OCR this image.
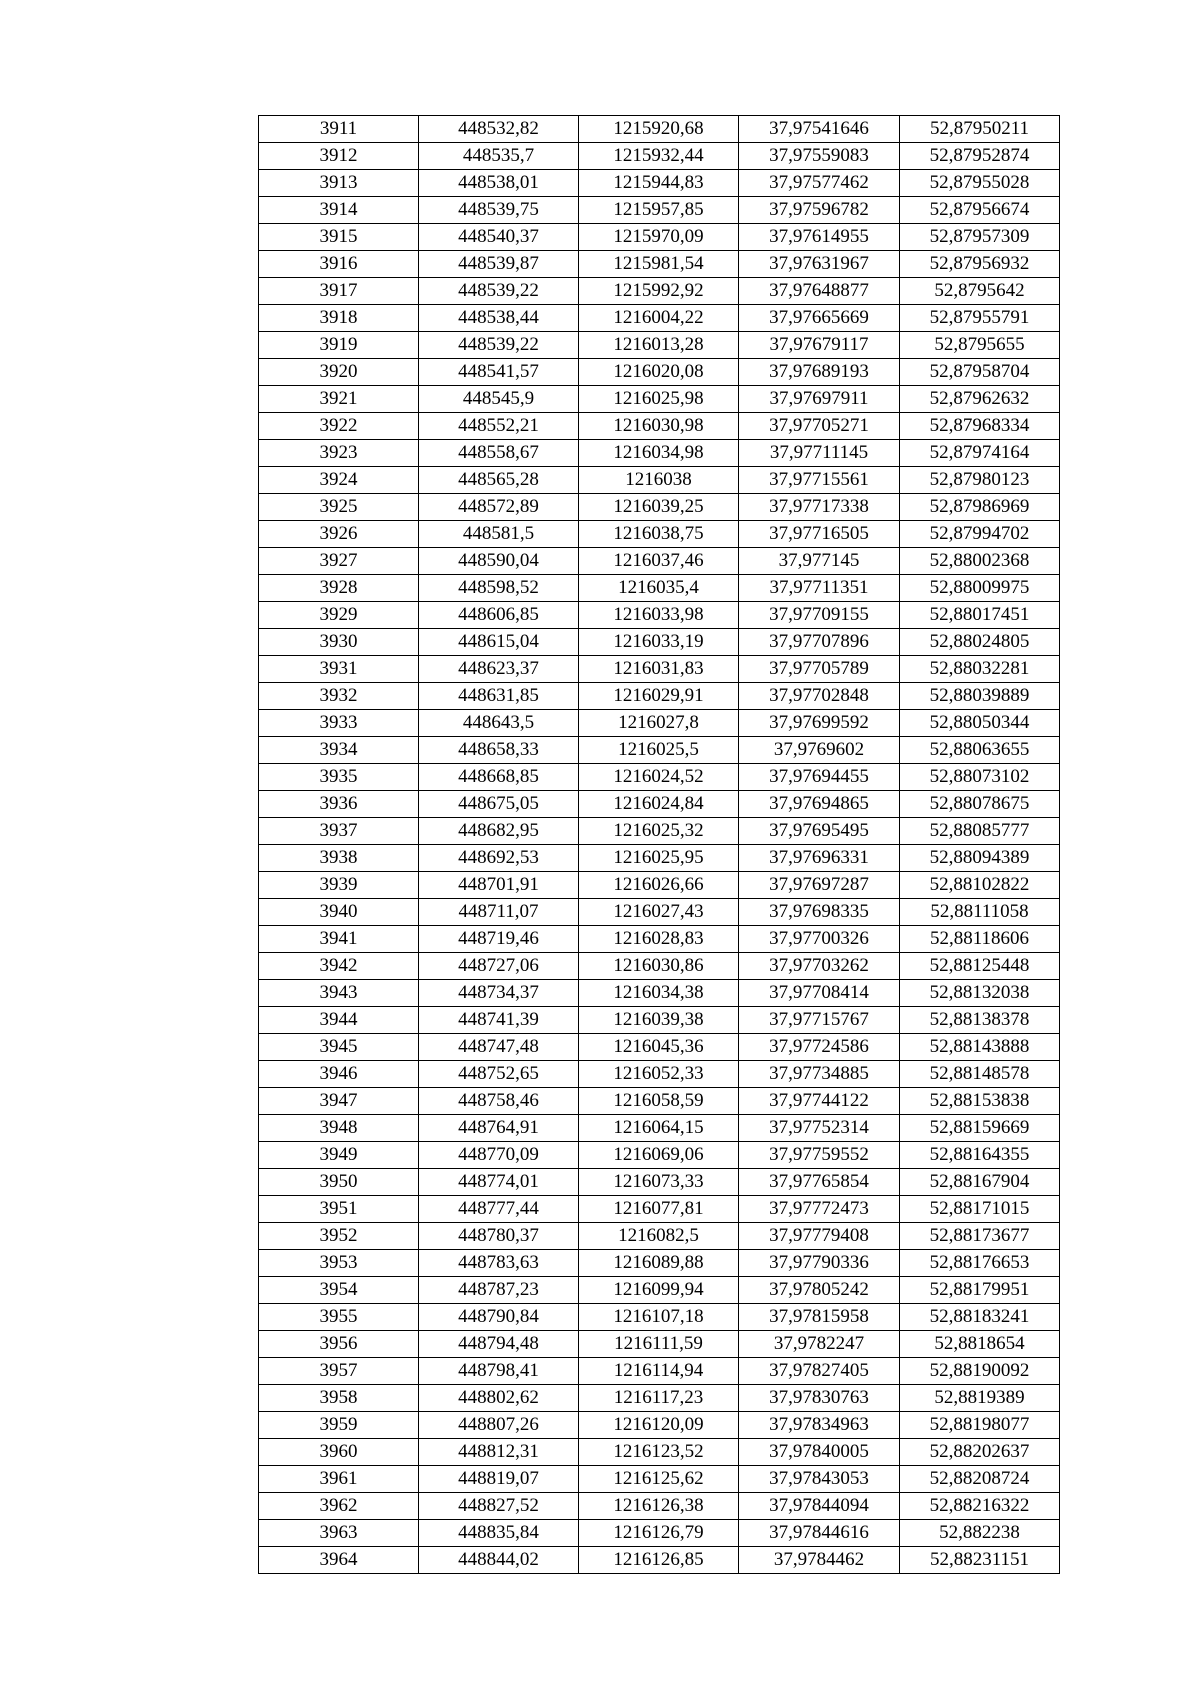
3911	448532,82	1215920,68	37,97541646	52,87950211
3912	448535,7	1215932,44	37,97559083	52,87952874
3913	448538,01	1215944,83	37,97577462	52,87955028
3914	448539,75	1215957,85	37,97596782	52,87956674
3915	448540,37	1215970,09	37,97614955	52,87957309
3916	448539,87	1215981,54	37,97631967	52,87956932
3917	448539,22	1215992,92	37,97648877	52,8795642
3918	448538,44	1216004,22	37,97665669	52,87955791
3919	448539,22	1216013,28	37,97679117	52,8795655
3920	448541,57	1216020,08	37,97689193	52,87958704
3921	448545,9	1216025,98	37,97697911	52,87962632
3922	448552,21	1216030,98	37,97705271	52,87968334
3923	448558,67	1216034,98	37,97711145	52,87974164
3924	448565,28	1216038	37,97715561	52,87980123
3925	448572,89	1216039,25	37,97717338	52,87986969
3926	448581,5	1216038,75	37,97716505	52,87994702
3927	448590,04	1216037,46	37,977145	52,88002368
3928	448598,52	1216035,4	37,97711351	52,88009975
3929	448606,85	1216033,98	37,97709155	52,88017451
3930	448615,04	1216033,19	37,97707896	52,88024805
3931	448623,37	1216031,83	37,97705789	52,88032281
3932	448631,85	1216029,91	37,97702848	52,88039889
3933	448643,5	1216027,8	37,97699592	52,88050344
3934	448658,33	1216025,5	37,9769602	52,88063655
3935	448668,85	1216024,52	37,97694455	52,88073102
3936	448675,05	1216024,84	37,97694865	52,88078675
3937	448682,95	1216025,32	37,97695495	52,88085777
3938	448692,53	1216025,95	37,97696331	52,88094389
3939	448701,91	1216026,66	37,97697287	52,88102822
3940	448711,07	1216027,43	37,97698335	52,88111058
3941	448719,46	1216028,83	37,97700326	52,88118606
3942	448727,06	1216030,86	37,97703262	52,88125448
3943	448734,37	1216034,38	37,97708414	52,88132038
3944	448741,39	1216039,38	37,97715767	52,88138378
3945	448747,48	1216045,36	37,97724586	52,88143888
3946	448752,65	1216052,33	37,97734885	52,88148578
3947	448758,46	1216058,59	37,97744122	52,88153838
3948	448764,91	1216064,15	37,97752314	52,88159669
3949	448770,09	1216069,06	37,97759552	52,88164355
3950	448774,01	1216073,33	37,97765854	52,88167904
3951	448777,44	1216077,81	37,97772473	52,88171015
3952	448780,37	1216082,5	37,97779408	52,88173677
3953	448783,63	1216089,88	37,97790336	52,88176653
3954	448787,23	1216099,94	37,97805242	52,88179951
3955	448790,84	1216107,18	37,97815958	52,88183241
3956	448794,48	1216111,59	37,9782247	52,8818654
3957	448798,41	1216114,94	37,97827405	52,88190092
3958	448802,62	1216117,23	37,97830763	52,8819389
3959	448807,26	1216120,09	37,97834963	52,88198077
3960	448812,31	1216123,52	37,97840005	52,88202637
3961	448819,07	1216125,62	37,97843053	52,88208724
3962	448827,52	1216126,38	37,97844094	52,88216322
3963	448835,84	1216126,79	37,97844616	52,882238
3964	448844,02	1216126,85	37,9784462	52,88231151
